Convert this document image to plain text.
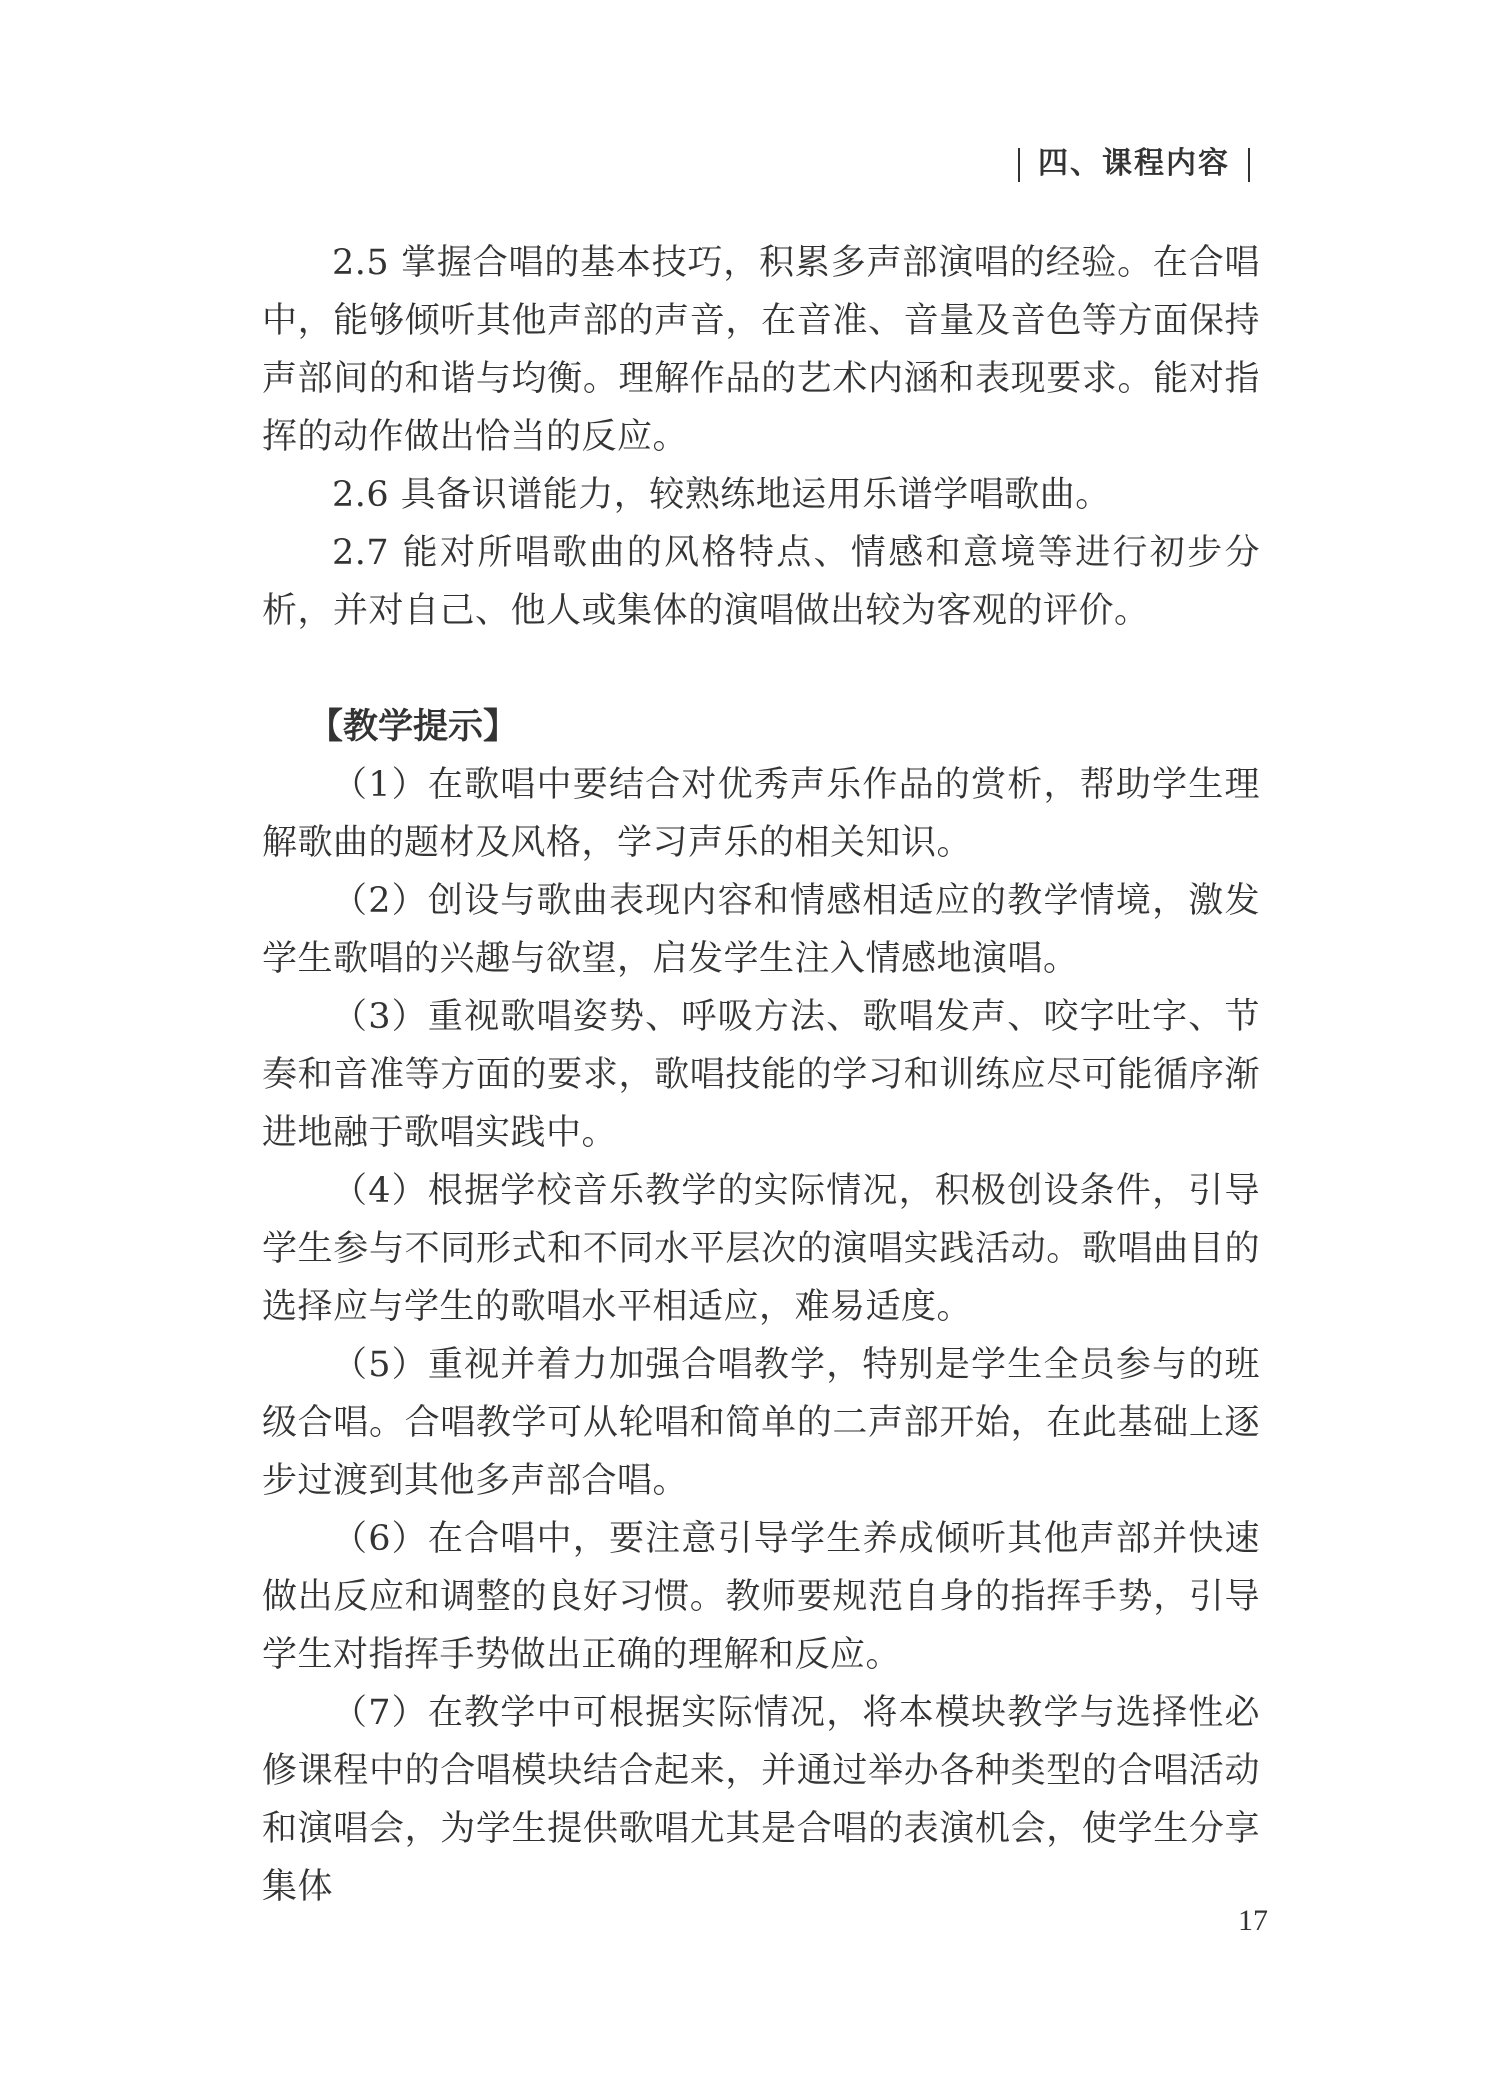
四、课程内容

2.5 掌握合唱的基本技巧，积累多声部演唱的经验。在合唱中，能够倾听其他声部的声音，在音准、音量及音色等方面保持声部间的和谐与均衡。理解作品的艺术内涵和表现要求。能对指挥的动作做出恰当的反应。

2.6 具备识谱能力，较熟练地运用乐谱学唱歌曲。

2.7 能对所唱歌曲的风格特点、情感和意境等进行初步分析，并对自己、他人或集体的演唱做出较为客观的评价。

【教学提示】

（1）在歌唱中要结合对优秀声乐作品的赏析，帮助学生理解歌曲的题材及风格，学习声乐的相关知识。

（2）创设与歌曲表现内容和情感相适应的教学情境，激发学生歌唱的兴趣与欲望，启发学生注入情感地演唱。

（3）重视歌唱姿势、呼吸方法、歌唱发声、咬字吐字、节奏和音准等方面的要求，歌唱技能的学习和训练应尽可能循序渐进地融于歌唱实践中。

（4）根据学校音乐教学的实际情况，积极创设条件，引导学生参与不同形式和不同水平层次的演唱实践活动。歌唱曲目的选择应与学生的歌唱水平相适应，难易适度。

（5）重视并着力加强合唱教学，特别是学生全员参与的班级合唱。合唱教学可从轮唱和简单的二声部开始，在此基础上逐步过渡到其他多声部合唱。

（6）在合唱中，要注意引导学生养成倾听其他声部并快速做出反应和调整的良好习惯。教师要规范自身的指挥手势，引导学生对指挥手势做出正确的理解和反应。

（7）在教学中可根据实际情况，将本模块教学与选择性必修课程中的合唱模块结合起来，并通过举办各种类型的合唱活动和演唱会，为学生提供歌唱尤其是合唱的表演机会，使学生分享集体

17
